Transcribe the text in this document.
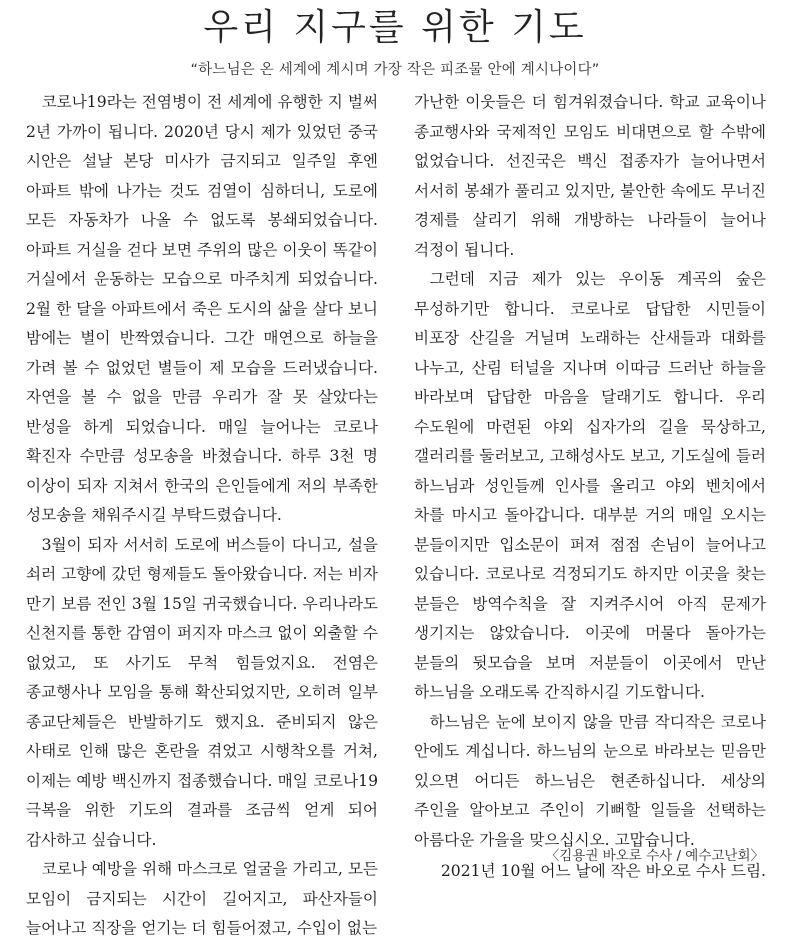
우리 지구를 위한 기도

“하느님은 온 세계에 계시며 가장 작은 피조물 안에 계시나이다”

코로나19라는 전염병이 전 세계에 유행한 지 벌써 2년 가까이 됩니다. 2020년 당시 제가 있었던 중국 시안은 설날 본당 미사가 금지되고 일주일 후엔 아파트 밖에 나가는 것도 검열이 심하더니, 도로에 모든 자동차가 나올 수 없도록 봉쇄되었습니다. 아파트 거실을 걷다 보면 주위의 많은 이웃이 똑같이 거실에서 운동하는 모습으로 마주치게 되었습니다. 2월 한 달을 아파트에서 죽은 도시의 삶을 살다 보니 밤에는 별이 반짝였습니다. 그간 매연으로 하늘을 가려 볼 수 없었던 별들이 제 모습을 드러냈습니다. 자연을 볼 수 없을 만큼 우리가 잘 못 살았다는 반성을 하게 되었습니다. 매일 늘어나는 코로나 확진자 수만큼 성모송을 바쳤습니다. 하루 3천 명 이상이 되자 지쳐서 한국의 은인들에게 저의 부족한 성모송을 채워주시길 부탁드렸습니다.

3월이 되자 서서히 도로에 버스들이 다니고, 설을 쇠러 고향에 갔던 형제들도 돌아왔습니다. 저는 비자 만기 보름 전인 3월 15일 귀국했습니다. 우리나라도 신천지를 통한 감염이 퍼지자 마스크 없이 외출할 수 없었고, 또 사기도 무척 힘들었지요. 전염은 종교행사나 모임을 통해 확산되었지만, 오히려 일부 종교단체들은 반발하기도 했지요. 준비되지 않은 사태로 인해 많은 혼란을 겪었고 시행착오를 거쳐, 이제는 예방 백신까지 접종했습니다. 매일 코로나19 극복을 위한 기도의 결과를 조금씩 얻게 되어 감사하고 싶습니다.

코로나 예방을 위해 마스크로 얼굴을 가리고, 모든 모임이 금지되는 시간이 길어지고, 파산자들이 늘어나고 직장을 얻기는 더 힘들어졌고, 수입이 없는

가난한 이웃들은 더 힘겨워졌습니다. 학교 교육이나 종교행사와 국제적인 모임도 비대면으로 할 수밖에 없었습니다. 선진국은 백신 접종자가 늘어나면서 서서히 봉쇄가 풀리고 있지만, 불안한 속에도 무너진 경제를 살리기 위해 개방하는 나라들이 늘어나 걱정이 됩니다.

그런데 지금 제가 있는 우이동 계곡의 숲은 무성하기만 합니다. 코로나로 답답한 시민들이 비포장 산길을 거닐며 노래하는 산새들과 대화를 나누고, 산림 터널을 지나며 이따금 드러난 하늘을 바라보며 답답한 마음을 달래기도 합니다. 우리 수도원에 마련된 야외 십자가의 길을 묵상하고, 갤러리를 둘러보고, 고해성사도 보고, 기도실에 들러 하느님과 성인들께 인사를 올리고 야외 벤치에서 차를 마시고 돌아갑니다. 대부분 거의 매일 오시는 분들이지만 입소문이 퍼져 점점 손님이 늘어나고 있습니다. 코로나로 걱정되기도 하지만 이곳을 찾는 분들은 방역수칙을 잘 지켜주시어 아직 문제가 생기지는 않았습니다. 이곳에 머물다 돌아가는 분들의 뒷모습을 보며 저분들이 이곳에서 만난 하느님을 오래도록 간직하시길 기도합니다.

하느님은 눈에 보이지 않을 만큼 작디작은 코로나 안에도 계십니다. 하느님의 눈으로 바라보는 믿음만 있으면 어디든 하느님은 현존하십니다. 세상의 주인을 알아보고 주인이 기뻐할 일들을 선택하는 아름다운 가을을 맞으십시오. 고맙습니다.

2021년 10월 어느 날에 작은 바오로 수사 드림.

〈김용권 바오로 수사 / 예수고난회〉
